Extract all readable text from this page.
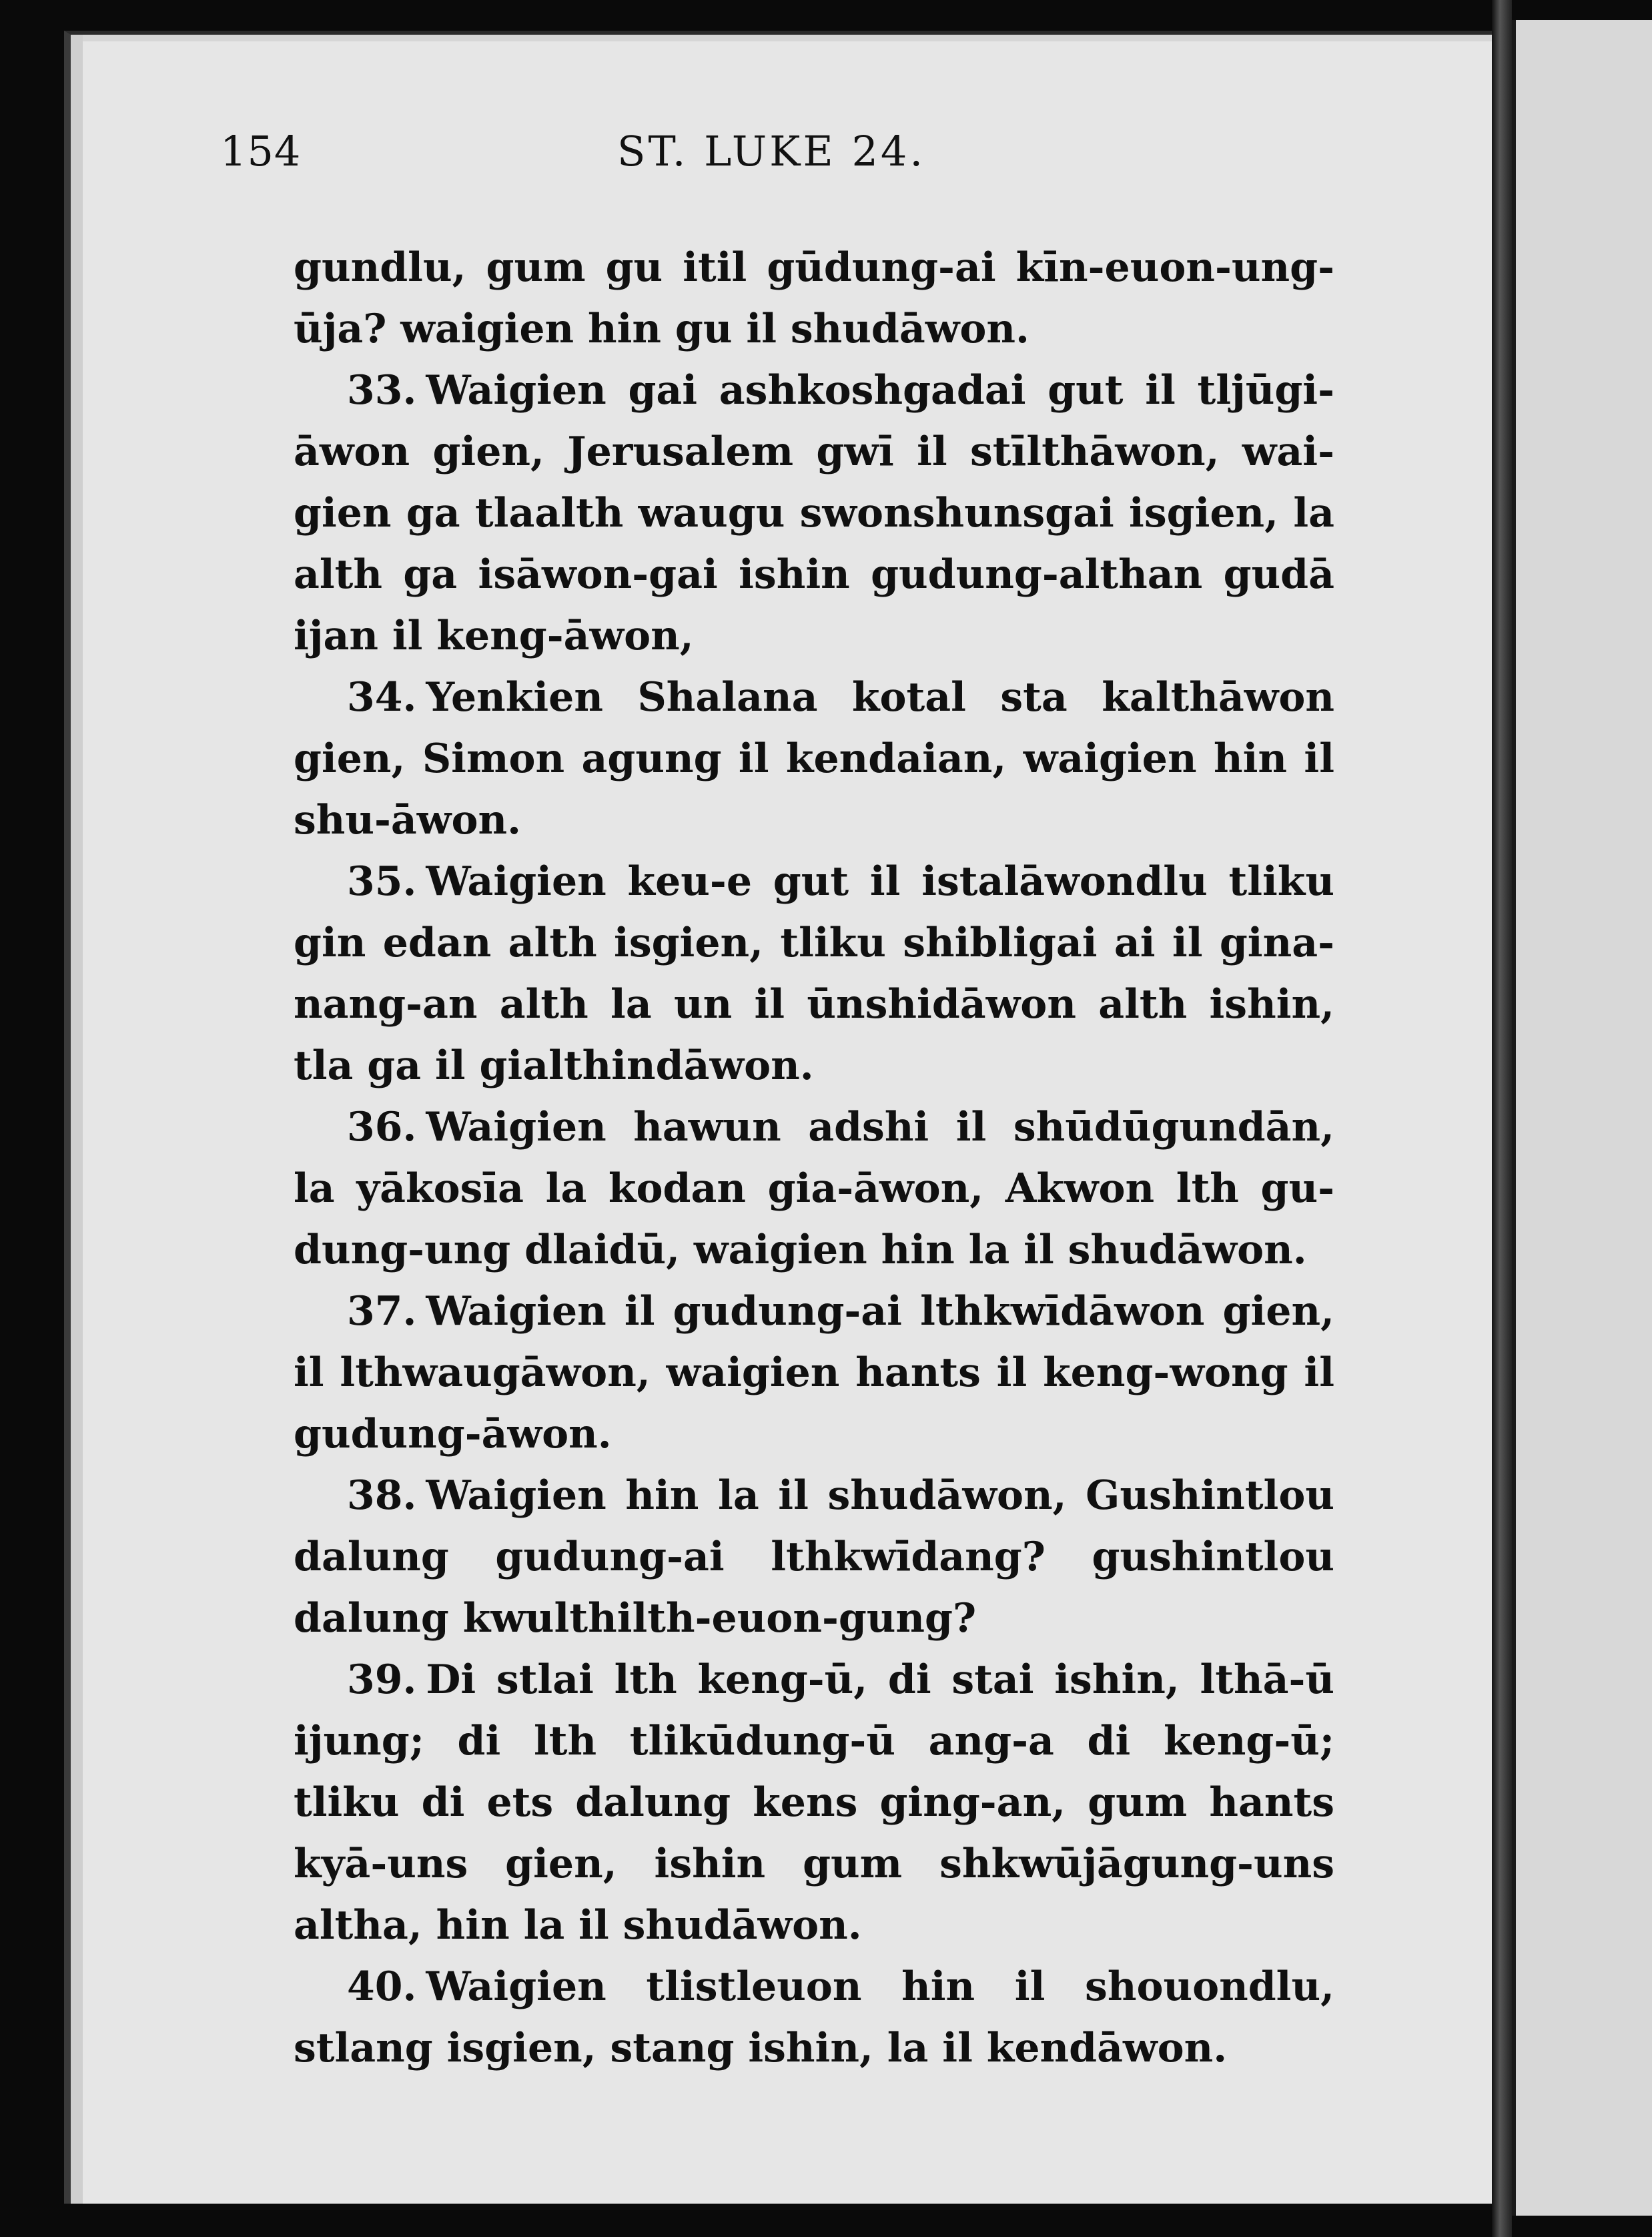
154	ST. LUKE 24.

gundlu, gum gu itil gūdung-ai kīn-euon-ung-ūja? waigien hin gu il shudāwon.

33. Waigien gai ashkoshgadai gut il tljūgi-āwon gien, Jerusalem gwī il stīlthāwon, wai-gien ga tlaalth waugu swonshunsgai isgien, la alth ga isāwon-gai ishin gudung-althan gudā ijan il keng-āwon,

34. Yenkien Shalana kotal sta kalthāwon gien, Simon agung il kendaian, waigien hin il shu-āwon.

35. Waigien keu-e gut il istalāwondlu tliku gin edan alth isgien, tliku shibligai ai il gina-nang-an alth la un il ūnshidāwon alth ishin, tla ga il gialthindāwon.

36. Waigien hawun adshi il shūdūgundān, la yākosīa la kodan gia-āwon, Akwon lth gu-dung-ung dlaidū, waigien hin la il shudāwon.

37. Waigien il gudung-ai lthkwīdāwon gien, il lthwaugāwon, waigien hants il keng-wong il gudung-āwon.

38. Waigien hin la il shudāwon, Gushintlou dalung gudung-ai lthkwīdang? gushintlou dalung kwulthilth-euon-gung?

39. Di stlai lth keng-ū, di stai ishin, lthā-ū ijung; di lth tlikūdung-ū ang-a di keng-ū; tliku di ets dalung kens ging-an, gum hants kyā-uns gien, ishin gum shkwūjāgung-uns altha, hin la il shudāwon.

40. Waigien tlistleuon hin il shouondlu, stlang isgien, stang ishin, la il kendāwon.
